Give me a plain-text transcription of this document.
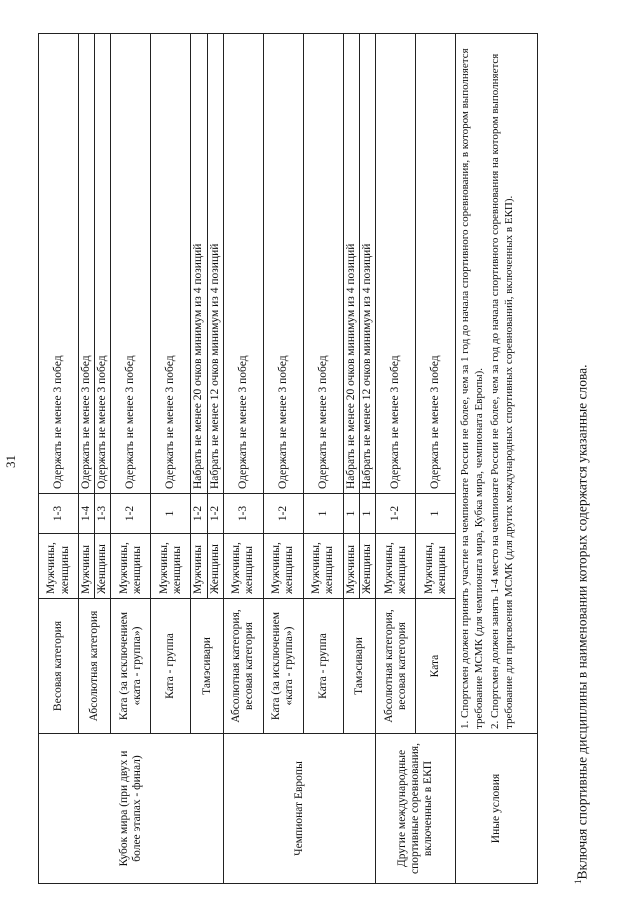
31
Кубок мира (при двух и более этапах - финал)	Весовая категория	Мужчины, женщины	1-3	Одержать не менее 3 побед
	Абсолютная категория	Мужчины	1-4	Одержать не менее 3 побед
		Женщины	1-3	Одержать не менее 3 побед
	Ката (за исключением «ката - группа»)	Мужчины, женщины	1-2	Одержать не менее 3 побед
	Ката - группа	Мужчины, женщины	1	Одержать не менее 3 побед
	Тамэсивари	Мужчины	1-2	Набрать не менее 20 очков минимум из 4 позиций
		Женщины	1-2	Набрать не менее 12 очков минимум из 4 позиций
Чемпионат Европы	Абсолютная категория, весовая категория	Мужчины, женщины	1-3	Одержать не менее 3 побед
	Ката (за исключением «ката - группа»)	Мужчины, женщины	1-2	Одержать не менее 3 побед
	Ката - группа	Мужчины, женщины	1	Одержать не менее 3 побед
	Тамэсивари	Мужчины	1	Набрать не менее 20 очков минимум из 4 позиций
		Женщины	1	Набрать не менее 12 очков минимум из 4 позиций
Другие международные спортивные соревнования, включенные в ЕКП	Абсолютная категория, весовая категория	Мужчины, женщины	1-2	Одержать не менее 3 побед
	Ката	Мужчины, женщины	1	Одержать не менее 3 побед
Иные условия	1. Спортсмен должен принять участие на чемпионате России не более, чем за 1 год до начала спортивного соревнования, в котором выполняется требование МСМК (для чемпионата мира, Кубка мира, чемпионата Европы). 2. Спортсмен должен занять 1-4 место на чемпионате России не более, чем за год до начала спортивного соревнования на котором выполняется требование для присвоения МСМК (для других международных спортивных соревнований, включенных в ЕКП).			
$^1$Включая спортивные дисциплины в наименовании которых содержатся указанные слова.
